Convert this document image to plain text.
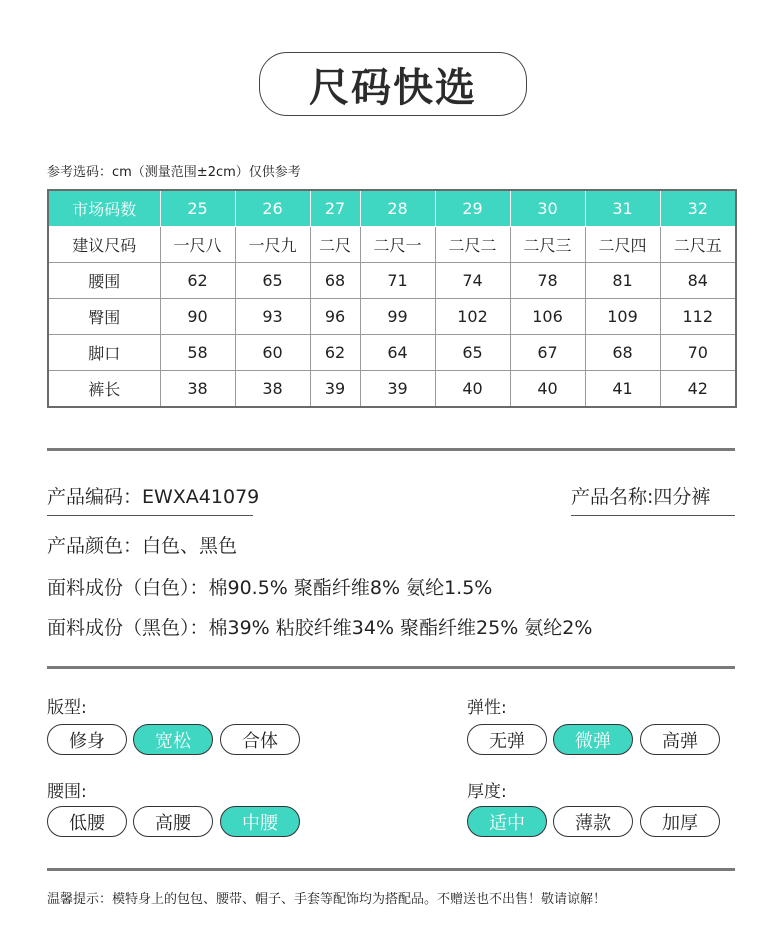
尺码快选
参考选码：cm（测量范围±2cm）仅供参考
市场码数	25	26	27	28	29	30	31	32
建议尺码	一尺八	一尺九	二尺	二尺一	二尺二	二尺三	二尺四	二尺五
腰围	62	65	68	71	74	78	81	84
臀围	90	93	96	99	102	106	109	112
脚口	58	60	62	64	65	67	68	70
裤长	38	38	39	39	40	40	41	42
产品编码：EWXA41079	产品名称:四分裤
产品颜色：白色、黑色
面料成份（白色）：棉90.5% 聚酯纤维8% 氨纶1.5%
面料成份（黑色）：棉39% 粘胶纤维34% 聚酯纤维25% 氨纶2%
版型:
修身	宽松	合体
弹性:
无弹	微弹	高弹
腰围:
低腰	高腰	中腰
厚度:
适中	薄款	加厚
温馨提示：模特身上的包包、腰带、帽子、手套等配饰均为搭配品。不赠送也不出售！敬请谅解！
